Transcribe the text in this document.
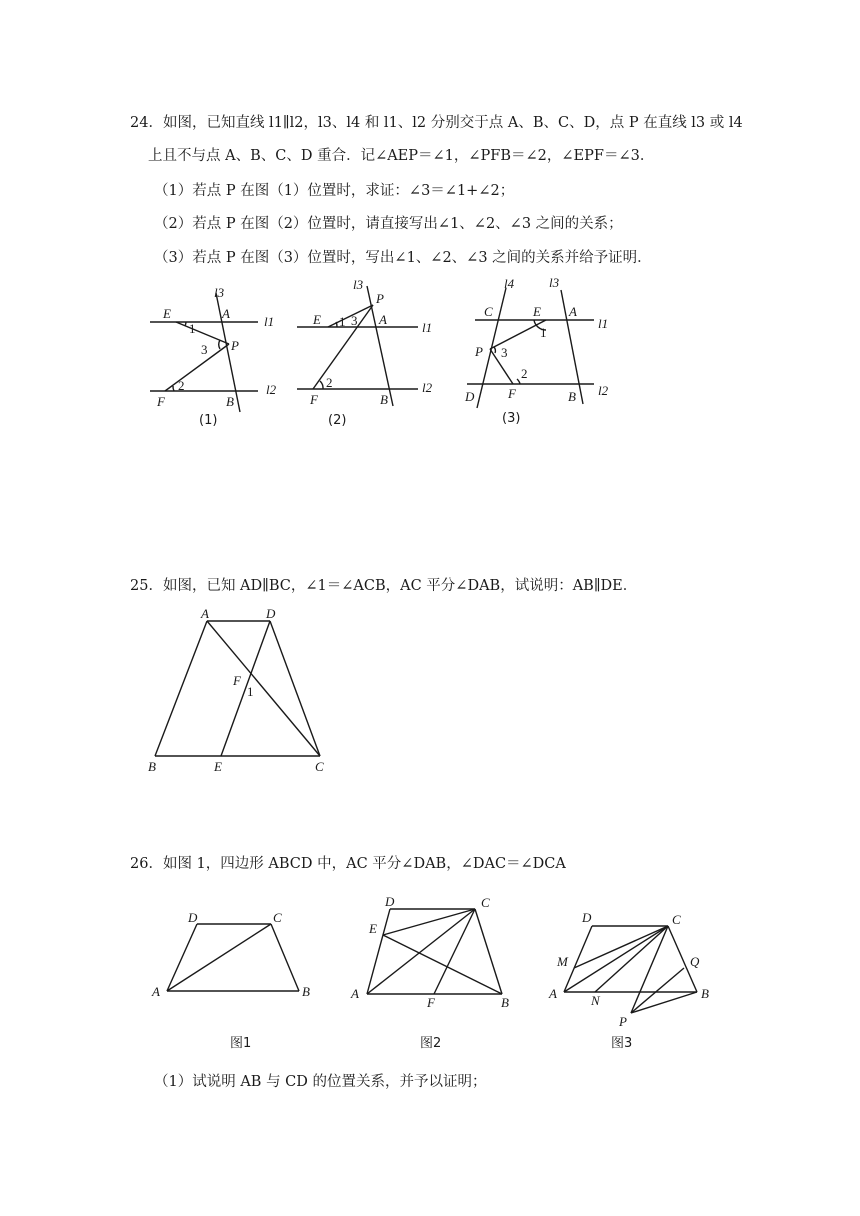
24．如图，已知直线 l1∥l2，l3、l4 和 l1、l2 分别交于点 A、B、C、D，点 P 在直线 l3 或 l4
上且不与点 A、B、C、D 重合．记∠AEP＝∠1，∠PFB＝∠2，∠EPF＝∠3．
（1）若点 P 在图（1）位置时，求证：∠3＝∠1+∠2；
（2）若点 P 在图（2）位置时，请直接写出∠1、∠2、∠3 之间的关系；
（3）若点 P 在图（3）位置时，写出∠1、∠2、∠3 之间的关系并给予证明．
E	A
P
F	B
1
3
2
l1
l2
l3
(1)
E
P
A
F	B
1 3
2
l1
l2
l3
(2)
C	E A
P
D	F	B
1
3
2
l1
l2
l4	l3
(3)
25．如图，已知 AD∥BC，∠1＝∠ACB，AC 平分∠DAB，试说明：AB∥DE．
A	D
F
1
B	E	C
26．如图 1，四边形 ABCD 中，AC 平分∠DAB，∠DAC＝∠DCA
D	C
A	B
图1
D	C
E
A
F	B
图2
D	C
M	Q
A	N	B
P
图3
（1）试说明 AB 与 CD 的位置关系，并予以证明；
